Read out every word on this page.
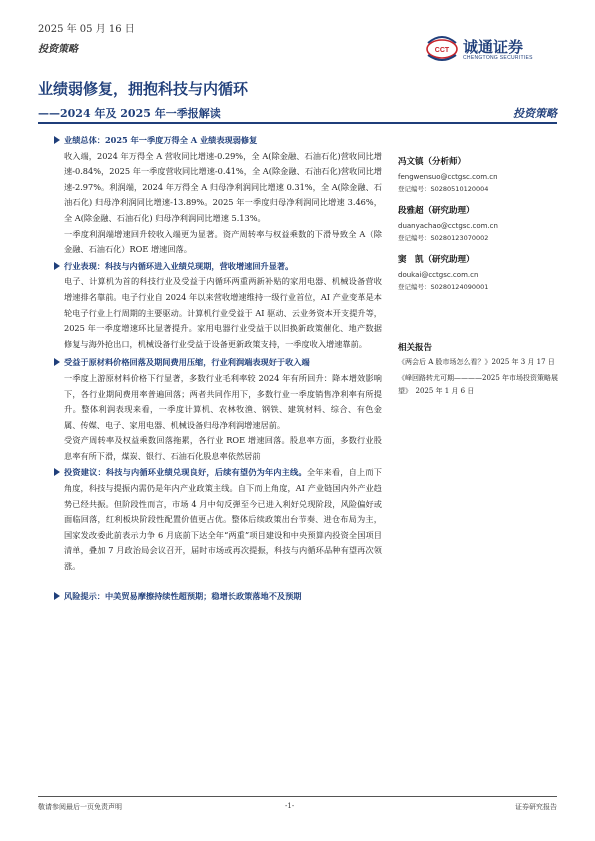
2025 年 05 月 16 日
投资策略	CCT 诚通证券
CHENGTONG SECURITIES
业绩弱修复，拥抱科技与内循环
——2024 年及 2025 年一季报解读	投资策略
业绩总体：2025 年一季度万得全 A 业绩表现弱修复
收入端，2024 年万得全 A 营收同比增速-0.29%，全 A(除金融、石油石化)营收同比增速-0.84%，2025 年一季度营收同比增速-0.41%，全 A(除金融、石油石化)营收同比增速-2.97%。利润端，2024 年万得全 A 归母净利润同比增速 0.31%，全 A(除金融、石油石化) 归母净利润同比增速-13.89%。2025 年一季度归母净利润同比增速 3.46%，全 A(除金融、石油石化) 归母净利润同比增速 5.13%。
一季度利润端增速回升较收入端更为显著。资产周转率与权益乘数的下滑导致全 A（除金融、石油石化）ROE 增速回落。
行业表现：科技与内循环进入业绩兑现期，营收增速回升显著。
电子、计算机为首的科技行业及受益于内循环两重两新补贴的家用电器、机械设备营收增速排名靠前。电子行业自 2024 年以来营收增速维持一级行业首位，AI 产业变革是本轮电子行业上行周期的主要驱动。计算机行业受益于 AI 驱动、云业务资本开支提升等，2025 年一季度增速环比显著提升。家用电器行业受益于以旧换新政策催化、地产数据修复与海外抢出口，机械设备行业受益于设备更新政策支持，一季度收入增速靠前。
受益于原材料价格回落及期间费用压缩，行业利润端表现好于收入端
一季度上游原材料价格下行显著，多数行业毛利率较 2024 年有所回升：降本增效影响下，各行业期间费用率普遍回落；两者共同作用下，多数行业一季度销售净利率有所提升。整体利润表现来看，一季度计算机、农林牧渔、钢铁、建筑材料、综合、有色金属、传媒、电子、家用电器、机械设备归母净利润增速居前。
受资产周转率及权益乘数回落拖累，各行业 ROE 增速回落。股息率方面，多数行业股息率有所下滑，煤炭、银行、石油石化股息率依然居前
投资建议：科技与内循环业绩兑现良好，后续有望仍为年内主线。全年来看，自上而下角度，科技与提振内需仍是年内产业政策主线。自下而上角度，AI 产业链国内外产业趋势已经共振。但阶段性而言，市场 4 月中旬反弹至今已进入利好兑现阶段，风险偏好或面临回落，红利板块阶段性配置价值更占优。整体后续政策出台节奏、进仓布局为主，国家发改委此前表示力争 6 月底前下达全年“两重”项目建设和中央预算内投资全国项目清单，叠加 7 月政治局会议召开，届时市场或再次提振，科技与内循环品种有望再次领涨。
风险提示：中美贸易摩擦持续性超预期；稳增长政策落地不及预期
冯文镇（分析师）
fengwensuo@cctgsc.com.cn
登记编号：S0280510120004
段雅超（研究助理）
duanyachao@cctgsc.com.cn
登记编号：S0280123070002
窦　凯（研究助理）
doukai@cctgsc.com.cn
登记编号：S0280124090001
相关报告
《两会后 A 股市场怎么看？》2025 年 3 月 17 日
《峰回路转尤可期————2025 年市场投资策略展望》　2025 年 1 月 6 日
敬请参阅最后一页免责声明	-1-	证券研究报告
